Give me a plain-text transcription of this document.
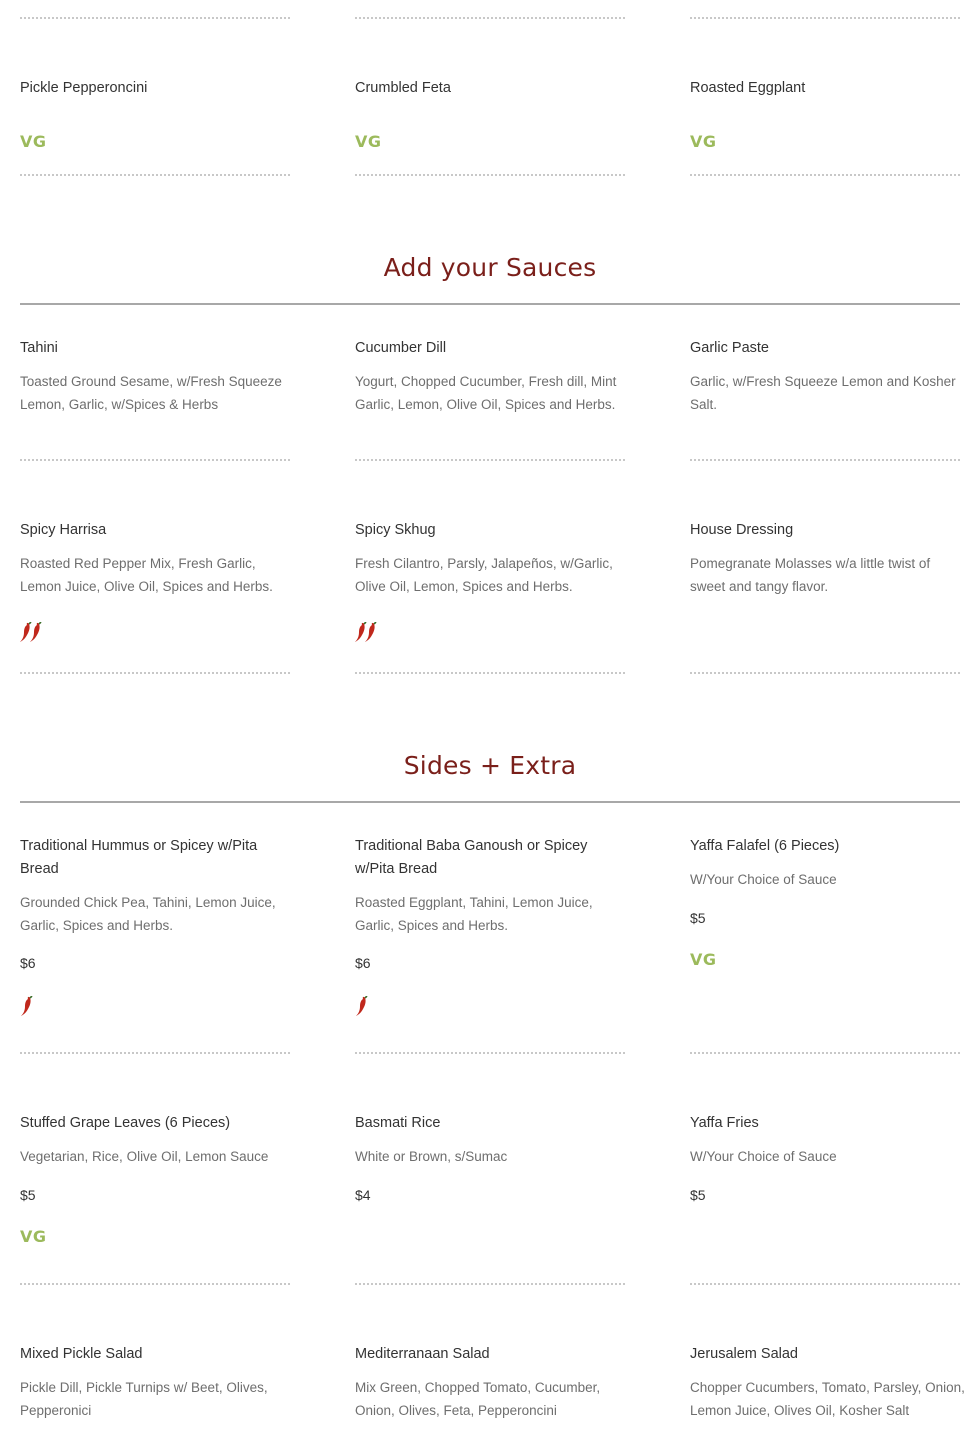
Pickle Pepperoncini
VG
Crumbled Feta
VG
Roasted Eggplant
VG
Add your Sauces
Tahini
Toasted Ground Sesame, w/Fresh Squeeze Lemon, Garlic, w/Spices & Herbs
Cucumber Dill
Yogurt, Chopped Cucumber, Fresh dill, Mint Garlic, Lemon, Olive Oil, Spices and Herbs.
Garlic Paste
Garlic, w/Fresh Squeeze Lemon and Kosher Salt.
Spicy Harrisa
Roasted Red Pepper Mix, Fresh Garlic, Lemon Juice, Olive Oil, Spices and Herbs.
Spicy Skhug
Fresh Cilantro, Parsly, Jalapeños, w/Garlic, Olive Oil, Lemon, Spices and Herbs.
House Dressing
Pomegranate Molasses w/a little twist of sweet and tangy flavor.
Sides + Extra
Traditional Hummus or Spicey w/Pita Bread
Grounded Chick Pea, Tahini, Lemon Juice, Garlic, Spices and Herbs.
$6
Traditional Baba Ganoush or Spicey w/Pita Bread
Roasted Eggplant, Tahini, Lemon Juice, Garlic, Spices and Herbs.
$6
Yaffa Falafel (6 Pieces)
W/Your Choice of Sauce
$5
VG
Stuffed Grape Leaves (6 Pieces)
Vegetarian, Rice, Olive Oil, Lemon Sauce
$5
VG
Basmati Rice
White or Brown, s/Sumac
$4
Yaffa Fries
W/Your Choice of Sauce
$5
Mixed Pickle Salad
Pickle Dill, Pickle Turnips w/ Beet, Olives, Pepperonici
Mediterranaan Salad
Mix Green, Chopped Tomato, Cucumber, Onion, Olives, Feta, Pepperoncini
Jerusalem Salad
Chopper Cucumbers, Tomato, Parsley, Onion, Lemon Juice, Olives Oil, Kosher Salt
